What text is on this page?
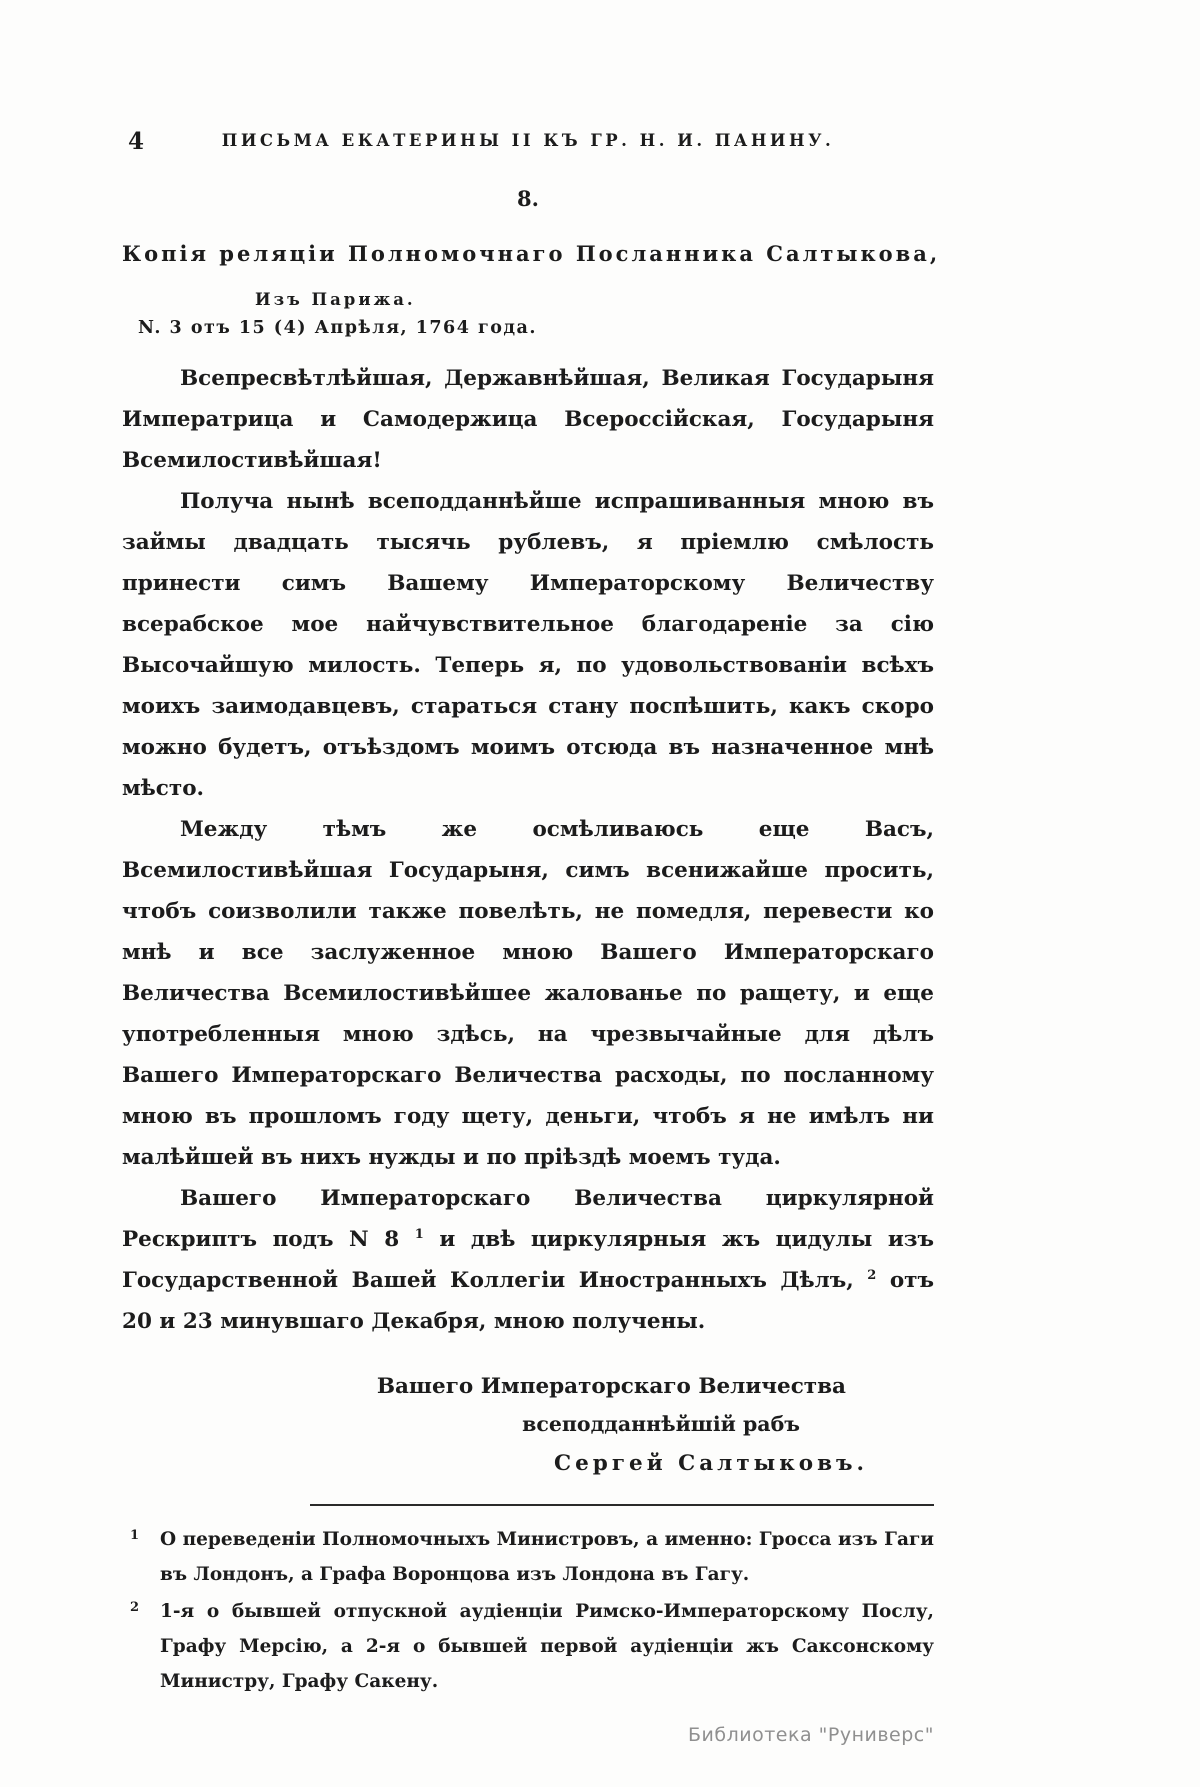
4	ПИСЬМА ЕКАТЕРИНЫ II КЪ ГР. Н. И. ПАНИНУ.
8.
Копія реляціи Полномочнаго Посланника Салтыкова,
Изъ Парижа.
N. 3 отъ 15 (4) Апрѣля, 1764 года.

Всепресвѣтлѣйшая, Державнѣйшая, Великая Государыня Императрица и Самодержица Всероссійская, Государыня Всемилостивѣйшая!

Получа нынѣ всеподданнѣйше испрашиванныя мною въ займы двадцать тысячь рублевъ, я пріемлю смѣлость принести симъ Вашему Императорскому Величеству всерабское мое найчувствительное благодареніе за сію Высочайшую милость. Теперь я, по удовольствованіи всѣхъ моихъ заимодавцевъ, стараться стану поспѣшить, какъ скоро можно будетъ, отъѣздомъ моимъ отсюда въ назначенное мнѣ мѣсто.

Между тѣмъ же осмѣливаюсь еще Васъ, Всемилостивѣйшая Государыня, симъ всенижайше просить, чтобъ соизволили также повелѣть, не помедля, перевести ко мнѣ и все заслуженное мною Вашего Императорскаго Величества Всемилостивѣйшее жалованье по ращету, и еще употребленныя мною здѣсь, на чрезвычайные для дѣлъ Вашего Императорскаго Величества расходы, по посланному мною въ прошломъ году щету, деньги, чтобъ я не имѣлъ ни малѣйшей въ нихъ нужды и по пріѣздѣ моемъ туда.

Вашего Императорскаго Величества циркулярной Рескриптъ подъ N 8 $^1$ и двѣ циркулярныя жъ цидулы изъ Государственной Вашей Коллегіи Иностранныхъ Дѣлъ, $^2$ отъ 20 и 23 минувшаго Декабря, мною получены.

Вашего Императорскаго Величества
всеподданнѣйшій рабъ
Сергей Салтыковъ.
1 О переведеніи Полномочныхъ Министровъ, а именно: Гросса изъ Гаги въ Лондонъ, а Графа Воронцова изъ Лондона въ Гагу.
2 1-я о бывшей отпускной аудіенціи Римско-Императорскому Послу, Графу Мерсію, а 2-я о бывшей первой аудіенціи жъ Саксонскому Министру, Графу Сакену.
Библиотека "Руниверс"
